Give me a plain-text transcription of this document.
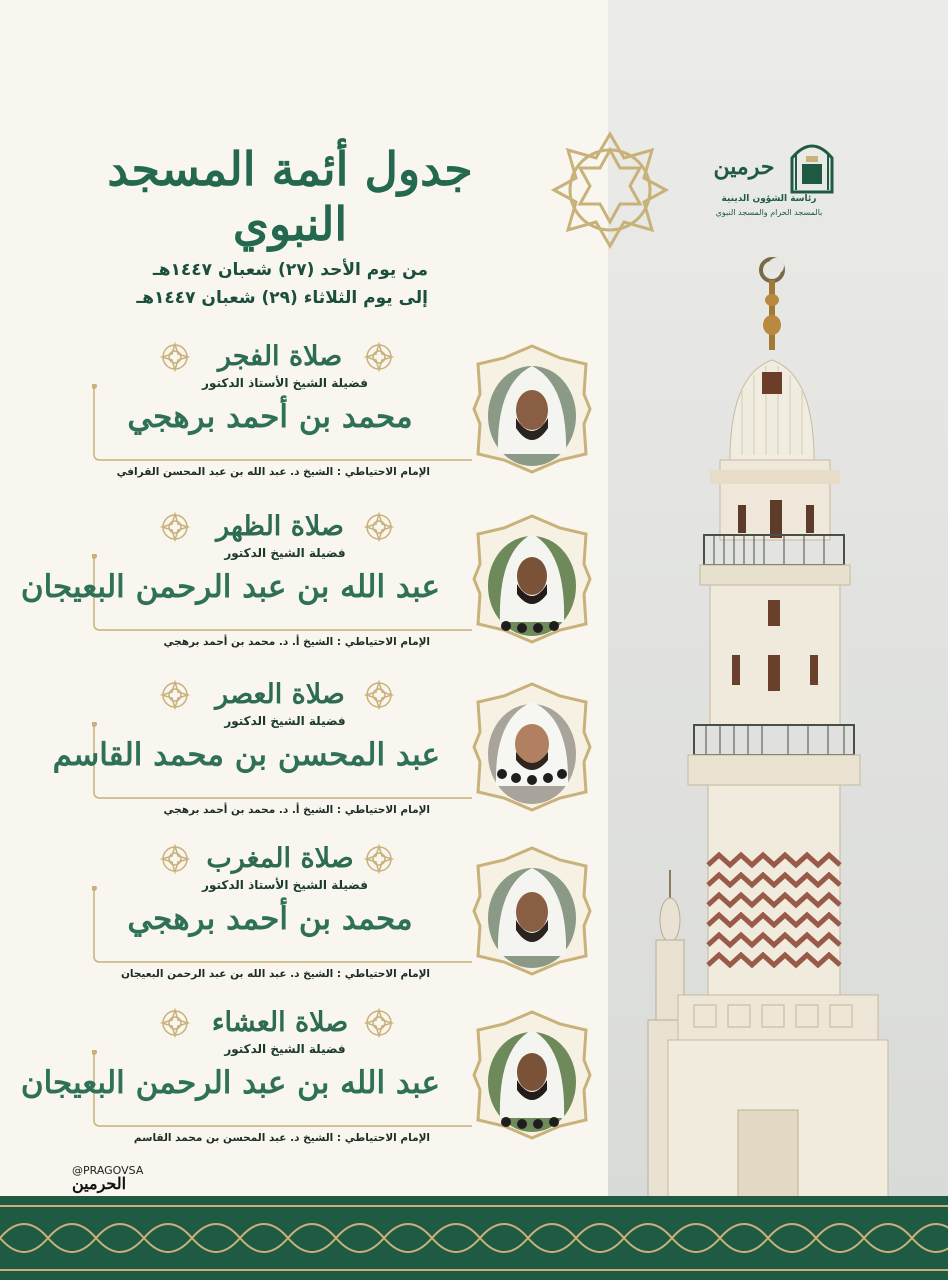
حرمين
رئاسة الشؤون الدينية
بالمسجد الحرام والمسجد النبوي
جدول أئمة المسجد النبوي
من يوم الأحد (٢٧) شعبان ١٤٤٧هـ
إلى يوم الثلاثاء (٢٩) شعبان ١٤٤٧هـ
صلاة الفجر
فضيلة الشيخ الأستاذ الدكتور
محمد بن أحمد برهجي
الإمام الاحتياطي : الشيخ د. عبد الله بن عبد المحسن القرافي
صلاة الظهر
فضيلة الشيخ الدكتور
عبد الله بن عبد الرحمن البعيجان
الإمام الاحتياطي : الشيخ أ. د. محمد بن أحمد برهجي
صلاة العصر
فضيلة الشيخ الدكتور
عبد المحسن بن محمد القاسم
الإمام الاحتياطي : الشيخ أ. د. محمد بن أحمد برهجي
صلاة المغرب
فضيلة الشيخ الأستاذ الدكتور
محمد بن أحمد برهجي
الإمام الاحتياطي : الشيخ د. عبد الله بن عبد الرحمن البعيجان
صلاة العشاء
فضيلة الشيخ الدكتور
عبد الله بن عبد الرحمن البعيجان
الإمام الاحتياطي : الشيخ د. عبد المحسن بن محمد القاسم
@PRAGOVSA
الحرمين
